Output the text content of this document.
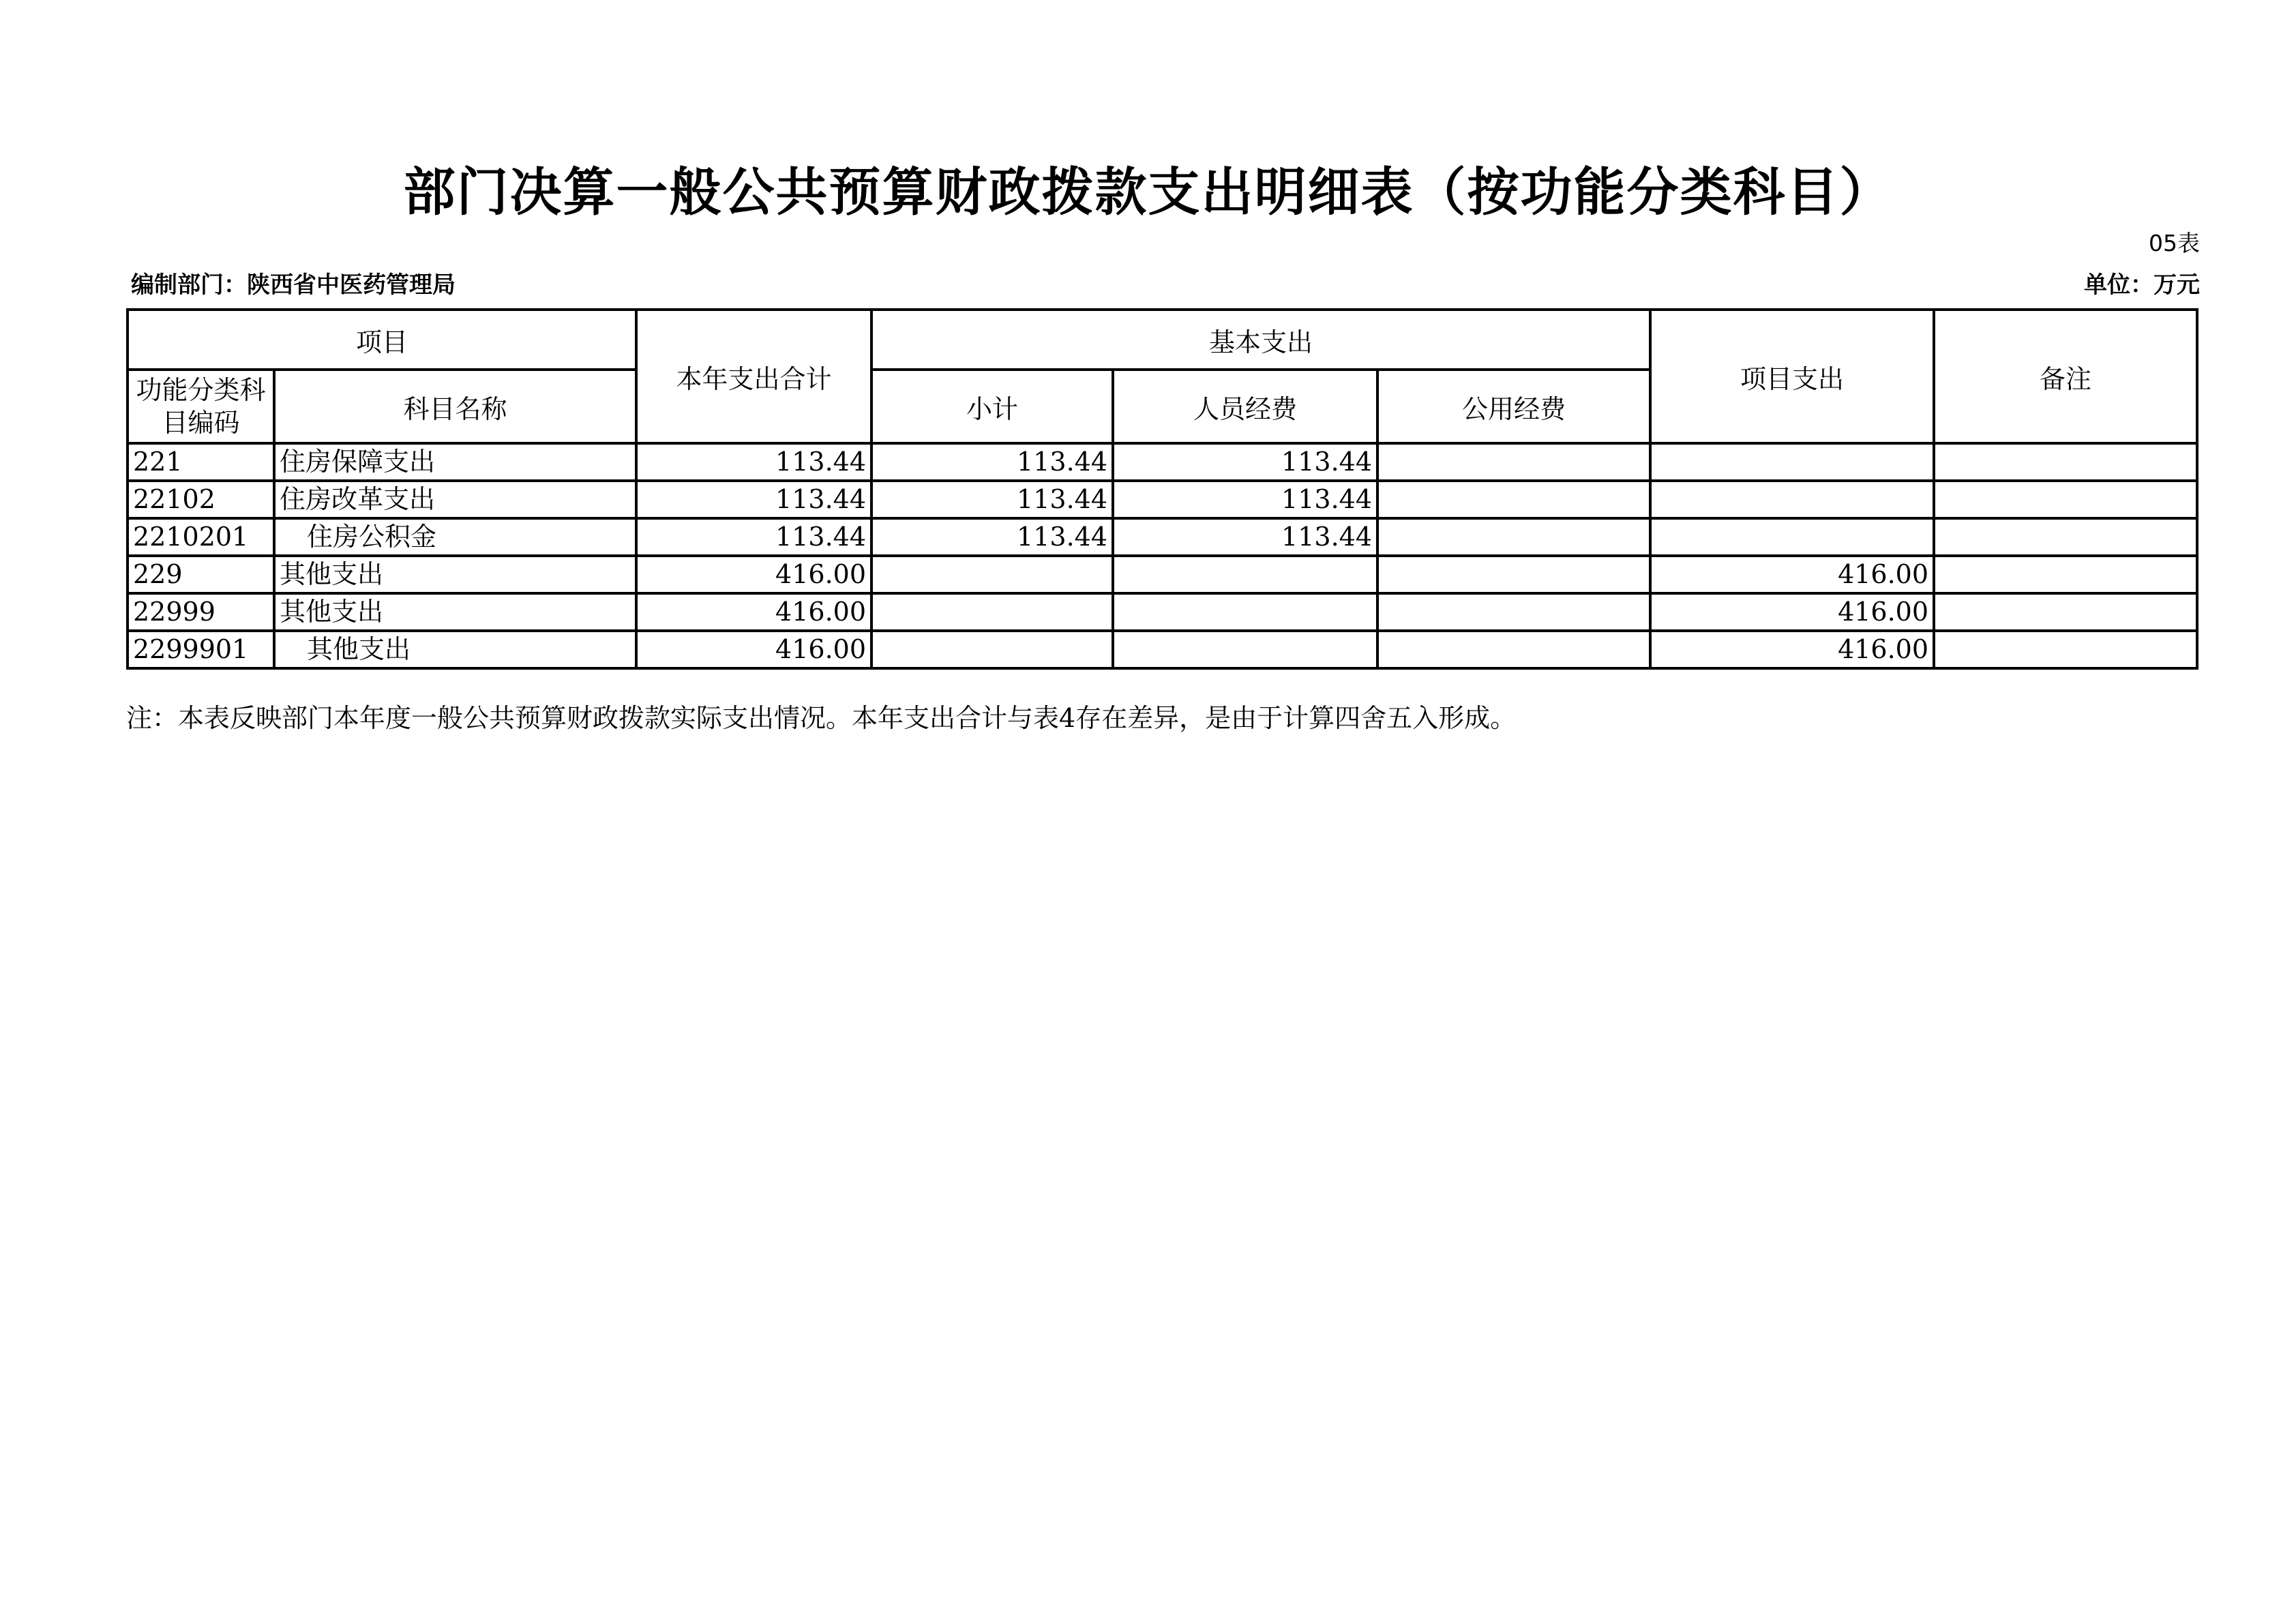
部门决算一般公共预算财政拨款支出明细表（按功能分类科目）
05表
编制部门：陕西省中医药管理局	单位：万元
项目		本年支出合计	基本支出			项目支出	备注
功能分类科目编码	科目名称		小计	人员经费	公用经费		
221	住房保障支出	113.44	113.44	113.44			
22102	住房改革支出	113.44	113.44	113.44			
2210201	住房公积金	113.44	113.44	113.44			
229	其他支出	416.00				416.00	
22999	其他支出	416.00				416.00	
2299901	其他支出	416.00				416.00	
注：本表反映部门本年度一般公共预算财政拨款实际支出情况。本年支出合计与表4存在差异，是由于计算四舍五入形成。
